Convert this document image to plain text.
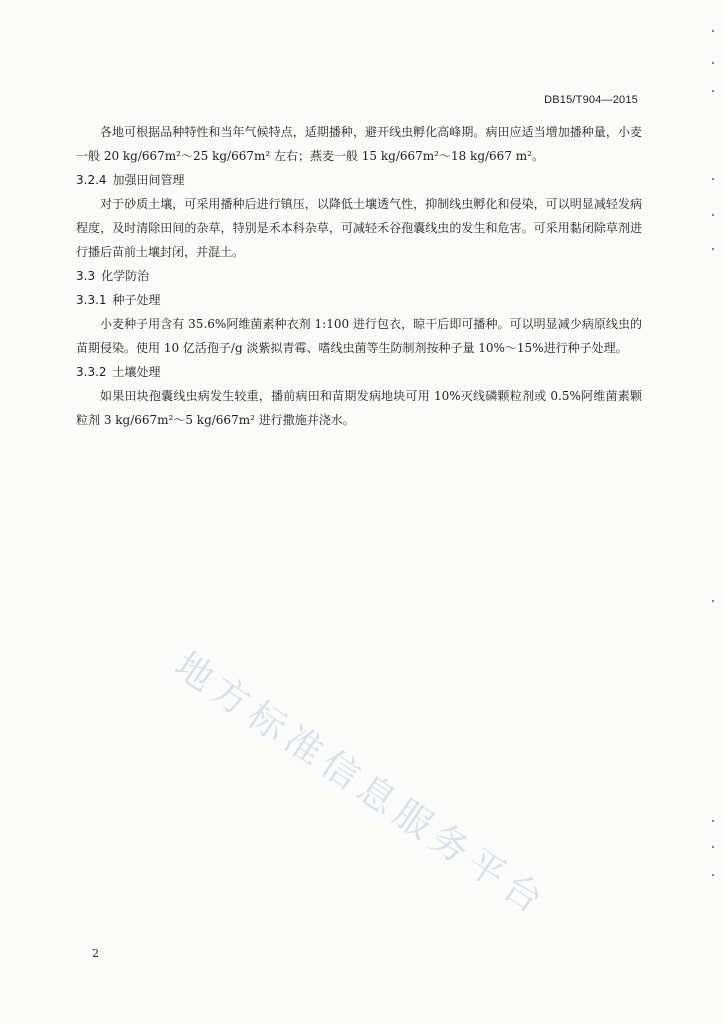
DB15/T904—2015

各地可根据品种特性和当年气候特点，适期播种，避开线虫孵化高峰期。病田应适当增加播种量，小麦一般 20 kg/667m²～25 kg/667m² 左右；燕麦一般 15 kg/667m²～18 kg/667 m²。

3.2.4 加强田间管理

对于砂质土壤，可采用播种后进行镇压，以降低土壤透气性，抑制线虫孵化和侵染，可以明显减轻发病程度，及时清除田间的杂草，特别是禾本科杂草，可减轻禾谷孢囊线虫的发生和危害。可采用黏闭除草剂进行播后苗前土壤封闭，并混土。

3.3 化学防治

3.3.1 种子处理

小麦种子用含有 35.6%阿维菌素种衣剂 1:100 进行包衣，晾干后即可播种。可以明显减少病原线虫的苗期侵染。使用 10 亿活孢子/g 淡紫拟青霉、嗜线虫菌等生防制剂按种子量 10%～15%进行种子处理。

3.3.2 土壤处理

如果田块孢囊线虫病发生较重，播前病田和苗期发病地块可用 10%灭线磷颗粒剂或 0.5%阿维菌素颗粒剂 3 kg/667m²～5 kg/667m² 进行撒施并浇水。

地方标准信息服务平台
2
